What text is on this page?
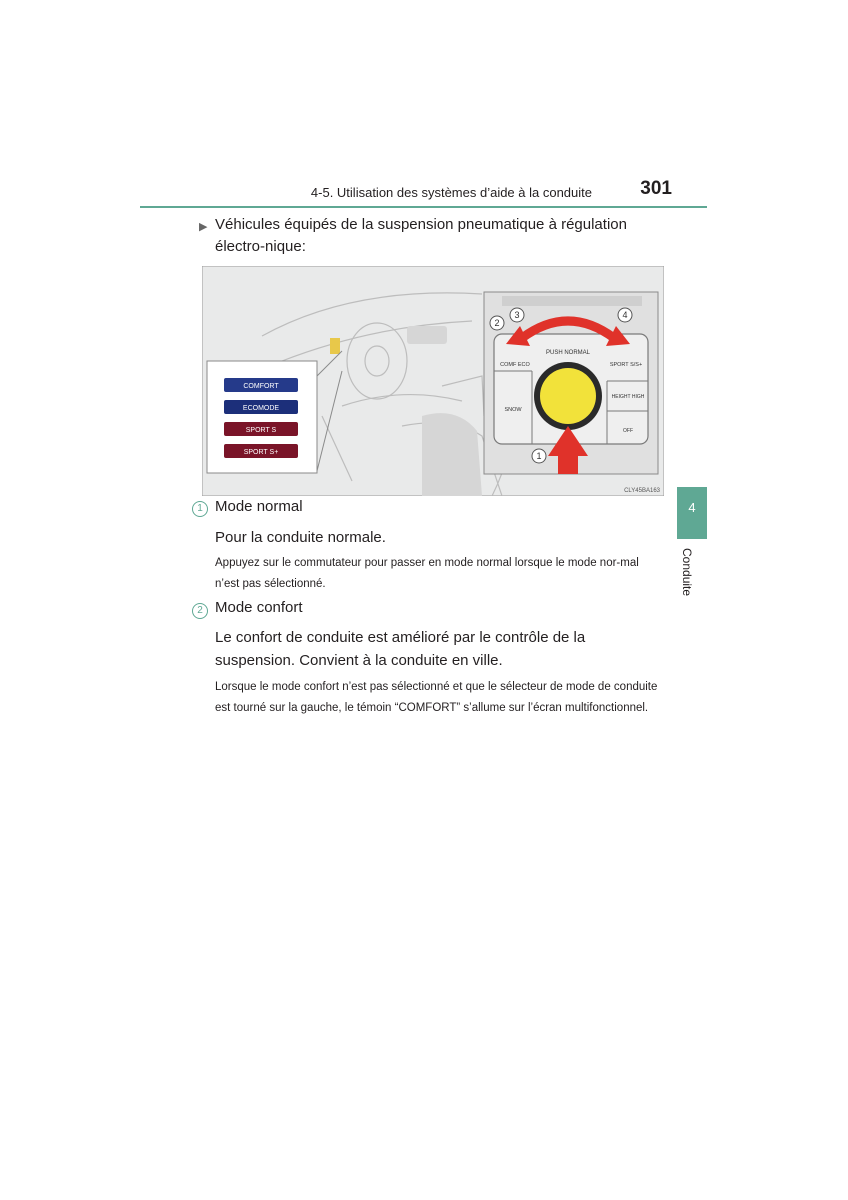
4-5. Utilisation des systèmes d’aide à la conduite	301
4
Conduite
▶ Véhicules équipés de la suspension pneumatique à régulation électro-nique:
COMFORT
ECOMODE
SPORT S
SPORT S+
PUSH NORMAL
COMF ECO	SPORT S/S+
SNOW
HEIGHT HIGH
OFF
1
2
3	4
CLY45BA163
1 Mode normal
Pour la conduite normale.
Appuyez sur le commutateur pour passer en mode normal lorsque le mode nor-mal n’est pas sélectionné.
2 Mode confort
Le confort de conduite est amélioré par le contrôle de la suspension. Convient à la conduite en ville.
Lorsque le mode confort n’est pas sélectionné et que le sélecteur de mode de conduite est tourné sur la gauche, le témoin “COMFORT” s’allume sur l’écran multifonctionnel.
